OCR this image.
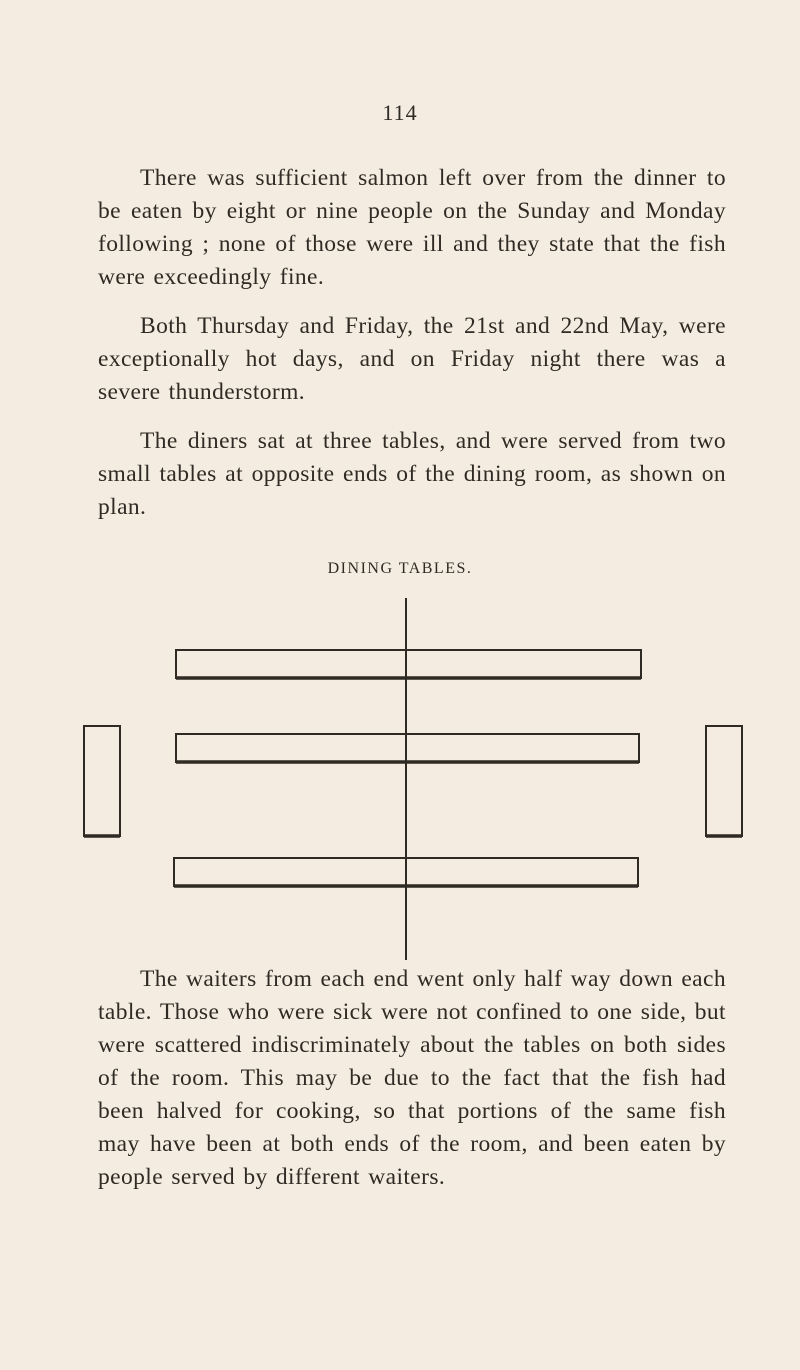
114

There was sufficient salmon left over from the dinner to be eaten by eight or nine people on the Sunday and Monday following ; none of those were ill and they state that the fish were exceedingly fine.

Both Thursday and Friday, the 21st and 22nd May, were exceptionally hot days, and on Friday night there was a severe thunderstorm.

The diners sat at three tables, and were served from two small tables at opposite ends of the dining room, as shown on plan.

DINING TABLES.

The waiters from each end went only half way down each table. Those who were sick were not confined to one side, but were scattered indiscriminately about the tables on both sides of the room. This may be due to the fact that the fish had been halved for cooking, so that portions of the same fish may have been at both ends of the room, and been eaten by people served by different waiters.
